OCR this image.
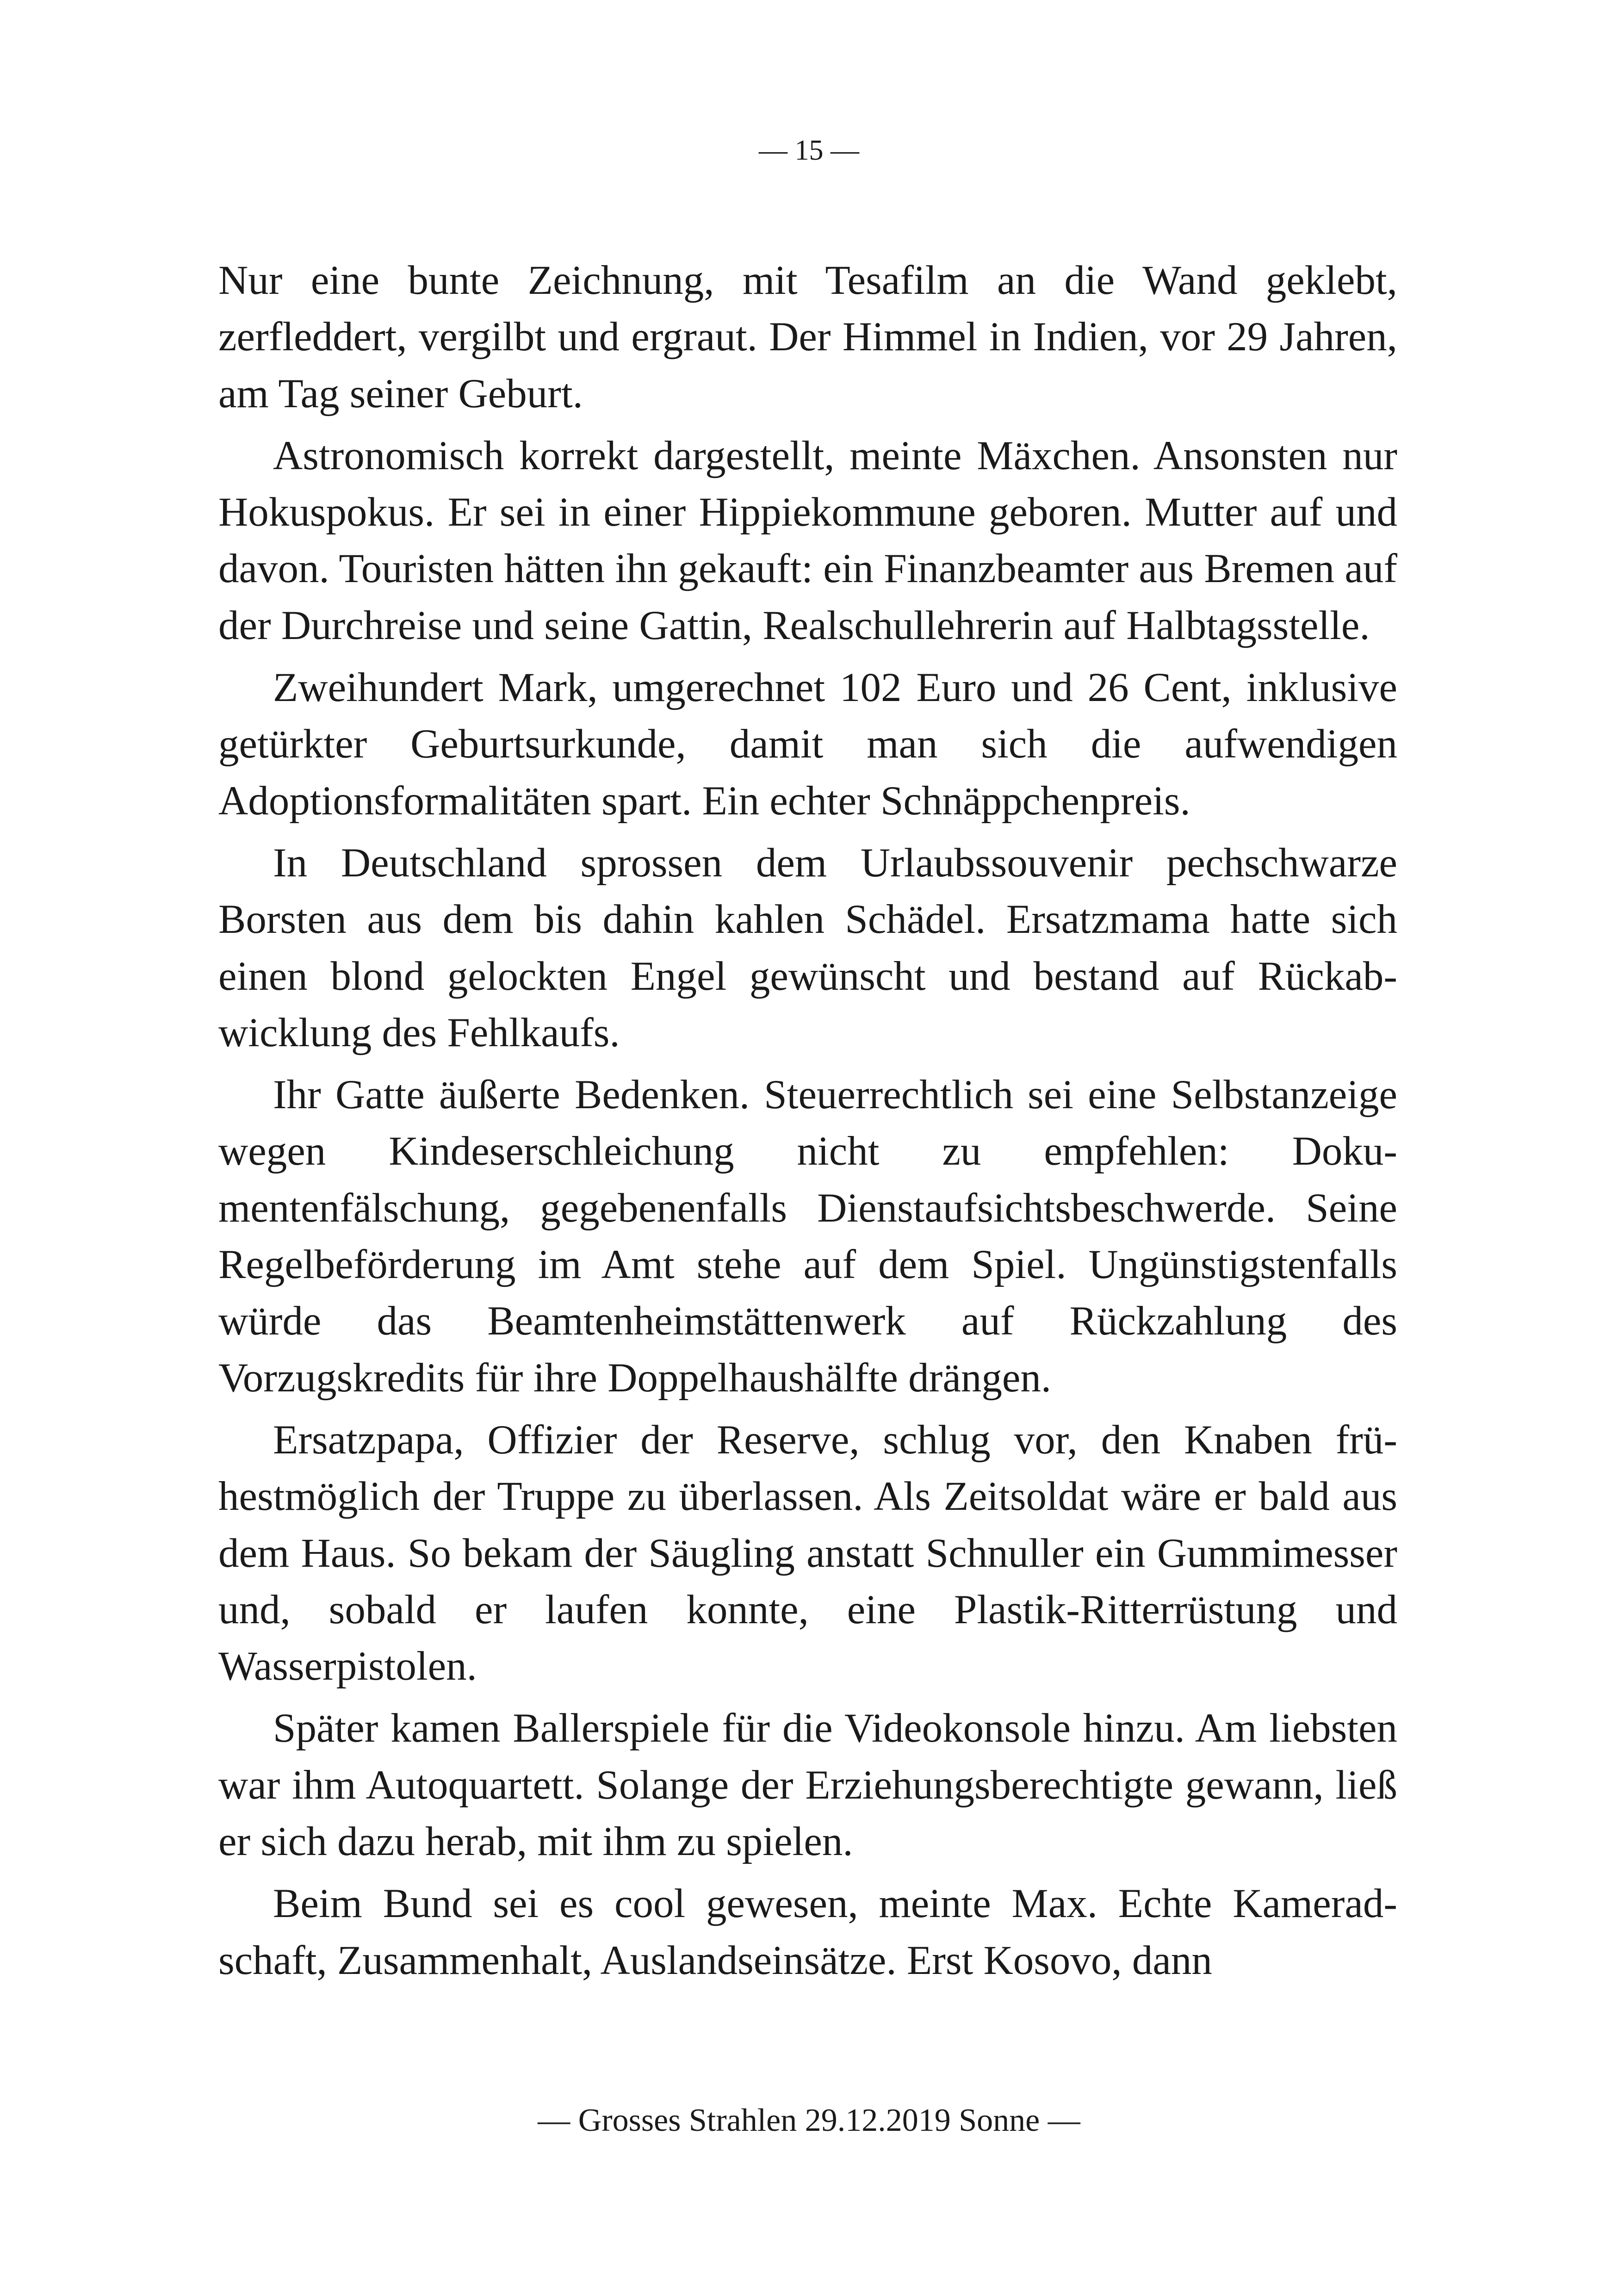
— 15 —

Nur eine bunte Zeichnung, mit Tesafilm an die Wand geklebt, zerfleddert, vergilbt und ergraut. Der Himmel in Indien, vor 29 Jahren, am Tag seiner Geburt.

Astronomisch korrekt dargestellt, meinte Mäxchen. Ansonsten nur Hokuspokus. Er sei in einer Hippiekommune geboren. Mutter auf und davon. Touristen hätten ihn gekauft: ein Finanzbeamter aus Bremen auf der Durchreise und seine Gattin, Realschullehrerin auf Halbtagsstelle.

Zweihundert Mark, umgerechnet 102 Euro und 26 Cent, inklusive getürkter Geburtsurkunde, damit man sich die aufwendigen Adoptionsformalitäten spart. Ein echter Schnäppchenpreis.

In Deutschland sprossen dem Urlaubssouvenir pechschwarze Borsten aus dem bis dahin kahlen Schädel. Ersatzmama hatte sich einen blond gelockten Engel gewünscht und bestand auf Rückabwicklung des Fehlkaufs.

Ihr Gatte äußerte Bedenken. Steuerrechtlich sei eine Selbstanzeige wegen Kindeserschleichung nicht zu empfehlen: Dokumentenfälschung, gegebenenfalls Dienstaufsichtsbeschwerde. Seine Regelbeförderung im Amt stehe auf dem Spiel. Ungünstigstenfalls würde das Beamtenheimstättenwerk auf Rückzahlung des Vorzugskredits für ihre Doppelhaushälfte drängen.

Ersatzpapa, Offizier der Reserve, schlug vor, den Knaben frühestmöglich der Truppe zu überlassen. Als Zeitsoldat wäre er bald aus dem Haus. So bekam der Säugling anstatt Schnuller ein Gummimesser und, sobald er laufen konnte, eine Plastik-Ritterrüstung und Wasserpistolen.

Später kamen Ballerspiele für die Videokonsole hinzu. Am liebsten war ihm Autoquartett. Solange der Erziehungsberechtigte gewann, ließ er sich dazu herab, mit ihm zu spielen.

Beim Bund sei es cool gewesen, meinte Max. Echte Kameradschaft, Zusammenhalt, Auslandseinsätze. Erst Kosovo, dann

— Grosses Strahlen 29.12.2019 Sonne —
